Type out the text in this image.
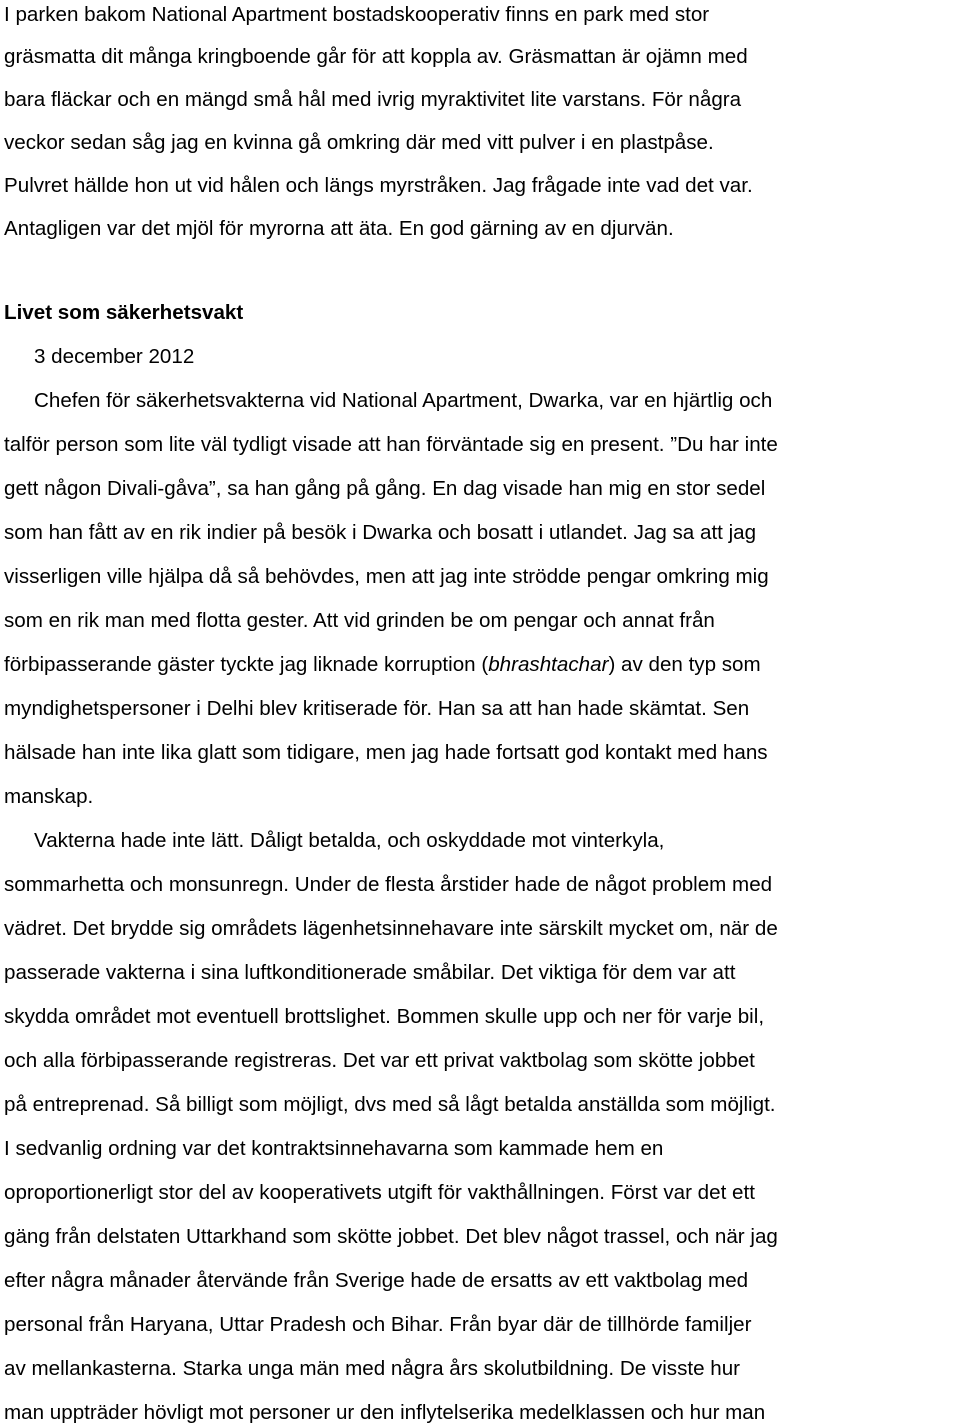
I parken bakom National Apartment bostadskooperativ finns en park med stor
gräsmatta dit många kringboende går för att koppla av. Gräsmattan är ojämn med
bara fläckar och en mängd små hål med ivrig myraktivitet lite varstans. För några
veckor sedan såg jag en kvinna gå omkring där med vitt pulver i en plastpåse.
Pulvret hällde hon ut vid hålen och längs myrstråken. Jag frågade inte vad det var.
Antagligen var det mjöl för myrorna att äta. En god gärning av en djurvän.
Livet som säkerhetsvakt
3 december 2012
Chefen för säkerhetsvakterna vid National Apartment, Dwarka, var en hjärtlig och
talför person som lite väl tydligt visade att han förväntade sig en present. ”Du har inte
gett någon Divali-gåva”, sa han gång på gång. En dag visade han mig en stor sedel
som han fått av en rik indier på besök i Dwarka och bosatt i utlandet. Jag sa att jag
visserligen ville hjälpa då så behövdes, men att jag inte strödde pengar omkring mig
som en rik man med flotta gester. Att vid grinden be om pengar och annat från
förbipasserande gäster tyckte jag liknade korruption (bhrashtachar) av den typ som
myndighetspersoner i Delhi blev kritiserade för. Han sa att han hade skämtat. Sen
hälsade han inte lika glatt som tidigare, men jag hade fortsatt god kontakt med hans
manskap.
Vakterna hade inte lätt. Dåligt betalda, och oskyddade mot vinterkyla,
sommarhetta och monsunregn. Under de flesta årstider hade de något problem med
vädret. Det brydde sig områdets lägenhetsinnehavare inte särskilt mycket om, när de
passerade vakterna i sina luftkonditionerade småbilar. Det viktiga för dem var att
skydda området mot eventuell brottslighet. Bommen skulle upp och ner för varje bil,
och alla förbipasserande registreras. Det var ett privat vaktbolag som skötte jobbet
på entreprenad. Så billigt som möjligt, dvs med så lågt betalda anställda som möjligt.
I sedvanlig ordning var det kontraktsinnehavarna som kammade hem en
oproportionerligt stor del av kooperativets utgift för vakthållningen. Först var det ett
gäng från delstaten Uttarkhand som skötte jobbet. Det blev något trassel, och när jag
efter några månader återvände från Sverige hade de ersatts av ett vaktbolag med
personal från Haryana, Uttar Pradesh och Bihar. Från byar där de tillhörde familjer
av mellankasterna. Starka unga män med några års skolutbildning. De visste hur
man uppträder hövligt mot personer ur den inflytelserika medelklassen och hur man
